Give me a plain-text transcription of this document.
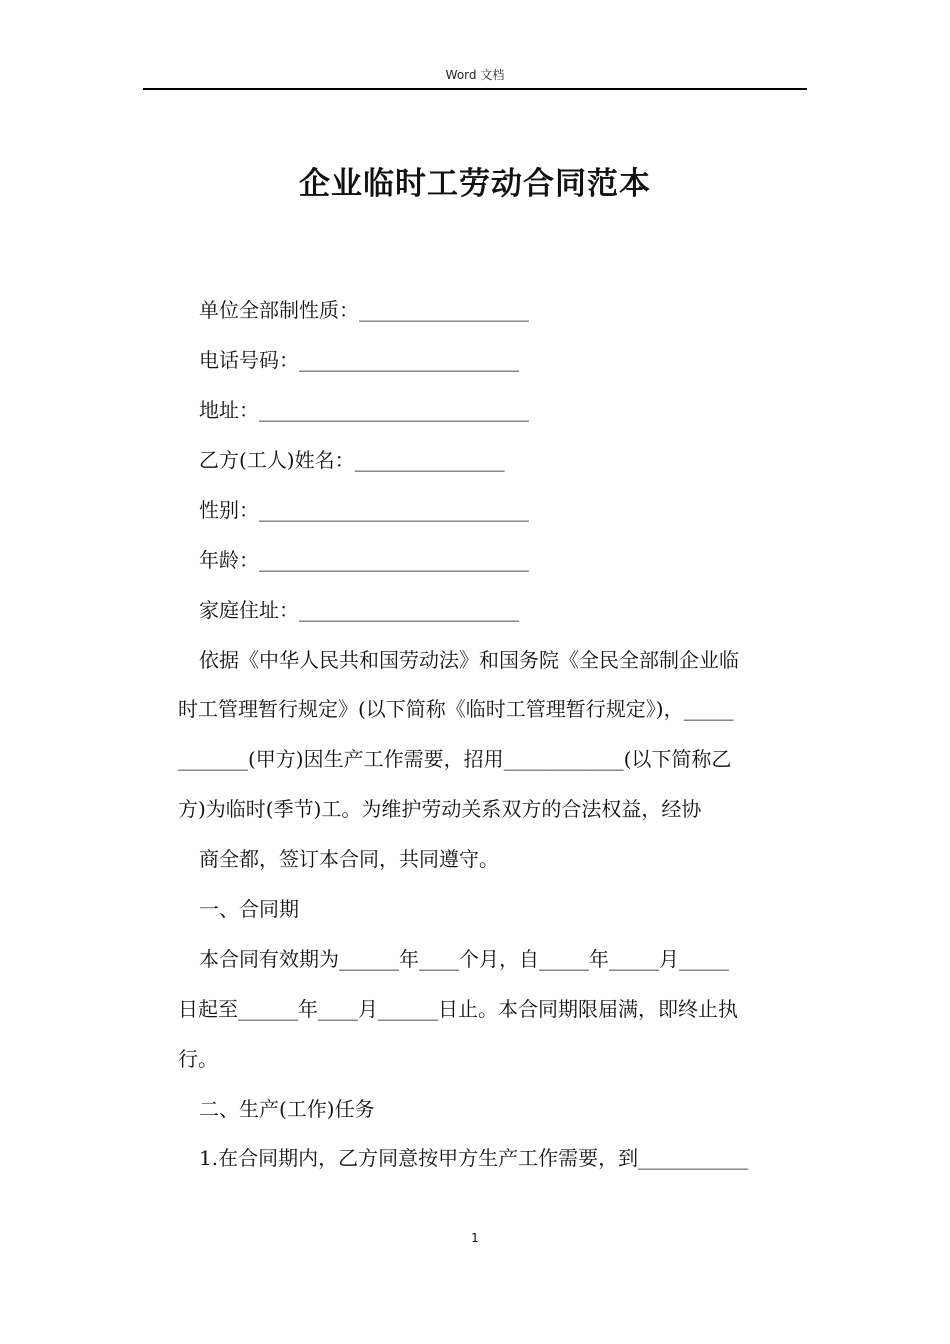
Word 文档
企业临时工劳动合同范本
单位全部制性质：_________________
电话号码：______________________
地址：___________________________
乙方(工人)姓名：_______________
性别：___________________________
年龄：___________________________
家庭住址：______________________
依据《中华人民共和国劳动法》和国务院《全民全部制企业临
时工管理暂行规定》(以下简称《临时工管理暂行规定》)，_____
_______(甲方)因生产工作需要，招用____________(以下简称乙
方)为临时(季节)工。为维护劳动关系双方的合法权益，经协
商全都，签订本合同，共同遵守。
一、合同期
本合同有效期为______年____个月，自_____年_____月_____
日起至______年____月______日止。本合同期限届满，即终止执
行。
二、生产(工作)任务
1.在合同期内，乙方同意按甲方生产工作需要，到___________
1
